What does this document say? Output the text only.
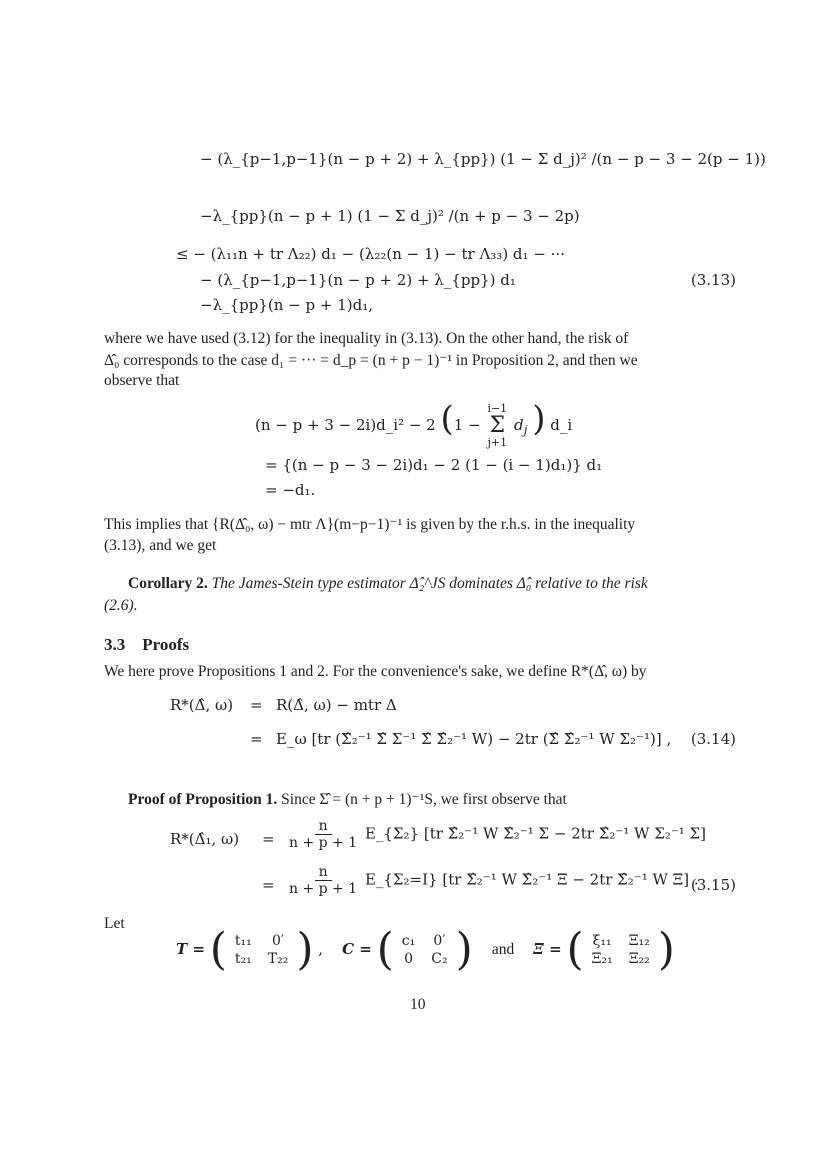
− (λ_{p−1,p−1}(n − p + 2) + λ_{pp}) (1 − Σ d_j)² /(n − p − 3 − 2(p − 1))
−λ_{pp}(n − p + 1) (1 − Σ d_j)² /(n + p − 3 − 2p)
≤ − (λ₁₁n + tr Λ₂₂) d₁ − (λ₂₂(n − 1) − tr Λ₃₃) d₁ − ···
− (λ_{p−1,p−1}(n − p + 2) + λ_{pp}) d₁	(3.13)
−λ_{pp}(n − p + 1)d₁,
where we have used (3.12) for the inequality in (3.13). On the other hand, the risk of
Δ̂₀ corresponds to the case d₁ = ··· = d_p = (n + p − 1)⁻¹ in Proposition 2, and then we
observe that
(n − p + 3 − 2i)d_i² − 2 (1 −
i−1
Σ
j+1
$d_j$ ) d_i
= {(n − p − 3 − 2i)d₁ − 2 (1 − (i − 1)d₁)} d₁
= −d₁.
This implies that {R(Δ̂₀, ω) − mtr Λ}(m−p−1)⁻¹ is given by the r.h.s. in the inequality
(3.13), and we get
Corollary 2. The James-Stein type estimator Δ̂₂^JS dominates Δ̂₀ relative to the risk
(2.6).
3.3 Proofs
We here prove Propositions 1 and 2. For the convenience's sake, we define R*(Δ̂, ω) by
R*(Δ̂, ω) = R(Δ̂, ω) − mtr Δ
= E_ω [tr (Σ̂₂⁻¹ Σ̂ Σ⁻¹ Σ̂ Σ̂₂⁻¹ W) − 2tr (Σ̂ Σ̂₂⁻¹ W Σ₂⁻¹)] , (3.14)
Proof of Proposition 1. Since Σ̂ = (n + p + 1)⁻¹S, we first observe that
R*(Δ̂₁, $\omega) = \frac{n}{n + p + 1}$ E_{Σ₂} [tr Σ̂₂⁻¹ W Σ̂₂⁻¹ Σ − 2tr Σ̂₂⁻¹ W Σ₂⁻¹ Σ]
= $\frac{n}{n + p + 1}$ E_{Σ₂=I} [tr Σ̂₂⁻¹ W Σ̂₂⁻¹ Ξ − 2tr Σ̂₂⁻¹ W Ξ] .
(3.15)
Let
T = ( t₁₁	0′
t₂₁	T₂₂ ) ,    C = ( c₁	0′
0	C₂ ) and Ξ = ( ξ₁₁	Ξ₁₂
Ξ₂₁	Ξ₂₂ )
10
